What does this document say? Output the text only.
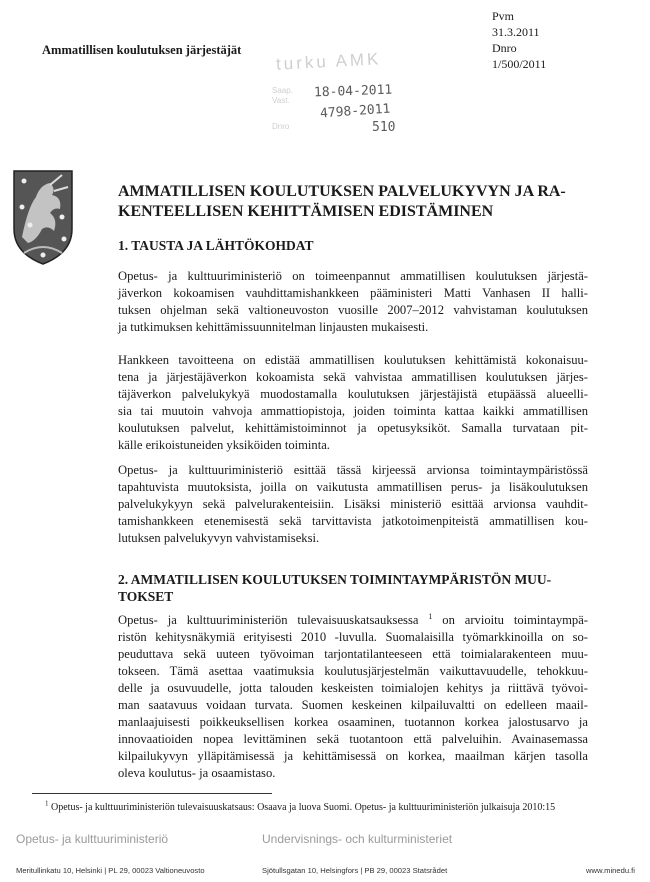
Ammatillisen koulutuksen järjestäjät
Pvm
31.3.2011
Dnro
1/500/2011
turku AMK
Saap.
Vast.
Dnro
18-04-2011
4798-2011
510
AMMATILLISEN KOULUTUKSEN PALVELUKYVYN JA RA-
KENTEELLISEN KEHITTÄMISEN EDISTÄMINEN
1. TAUSTA JA LÄHTÖKOHDAT
Opetus- ja kulttuuriministeriö on toimeenpannut ammatillisen koulutuksen järjestä-
jäverkon kokoamisen vauhdittamishankkeen pääministeri Matti Vanhasen II halli-
tuksen ohjelman sekä valtioneuvoston vuosille 2007–2012 vahvistaman koulutuksen
ja tutkimuksen kehittämissuunnitelman linjausten mukaisesti.
Hankkeen tavoitteena on edistää ammatillisen koulutuksen kehittämistä kokonaisuu-
tena ja järjestäjäverkon kokoamista sekä vahvistaa ammatillisen koulutuksen järjes-
täjäverkon palvelukykyä muodostamalla koulutuksen järjestäjistä etupäässä alueelli-
sia tai muutoin vahvoja ammattiopistoja, joiden toiminta kattaa kaikki ammatillisen
koulutuksen palvelut, kehittämistoiminnot ja opetusyksiköt. Samalla turvataan pit-
källe erikoistuneiden yksiköiden toiminta.
Opetus- ja kulttuuriministeriö esittää tässä kirjeessä arvionsa toimintaympäristössä
tapahtuvista muutoksista, joilla on vaikutusta ammatillisen perus- ja lisäkoulutuksen
palvelukykyyn sekä palvelurakenteisiin. Lisäksi ministeriö esittää arvionsa vauhdit-
tamishankkeen etenemisestä sekä tarvittavista jatkotoimenpiteistä ammatillisen kou-
lutuksen palvelukyvyn vahvistamiseksi.
2. AMMATILLISEN KOULUTUKSEN TOIMINTAYMPÄRISTÖN MUU-
TOKSET
Opetus- ja kulttuuriministeriön tulevaisuuskatsauksessa $^1$ on arvioitu toimintaympä-
ristön kehitysnäkymiä erityisesti 2010 -luvulla. Suomalaisilla työmarkkinoilla on so-
peuduttava sekä uuteen työvoiman tarjontatilanteeseen että toimialarakenteen muu-
tokseen. Tämä asettaa vaatimuksia koulutusjärjestelmän vaikuttavuudelle, tehokkuu-
delle ja osuvuudelle, jotta talouden keskeisten toimialojen kehitys ja riittävä työvoi-
man saatavuus voidaan turvata. Suomen keskeinen kilpailuvaltti on edelleen maail-
manlaajuisesti poikkeuksellisen korkea osaaminen, tuotannon korkea jalostusarvo ja
innovaatioiden nopea levittäminen sekä tuotantoon että palveluihin. Avainasemassa
kilpailukyvyn ylläpitämisessä ja kehittämisessä on korkea, maailman kärjen tasolla
oleva koulutus- ja osaamistaso.
$^1$ Opetus- ja kulttuuriministeriön tulevaisuuskatsaus: Osaava ja luova Suomi. Opetus- ja kulttuuriministeriön julkaisuja 2010:15
Opetus- ja kulttuuriministeriö	Undervisnings- och kulturministeriet
Meritullinkatu 10, Helsinki | PL 29, 00023 Valtioneuvosto	Sjötullsgatan 10, Helsingfors | PB 29, 00023 Statsrådet	www.minedu.fi
